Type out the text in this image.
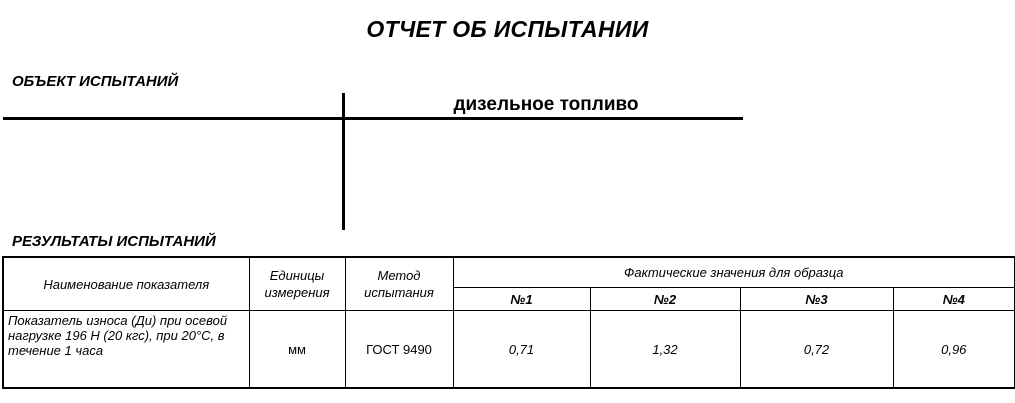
ОТЧЕТ ОБ ИСПЫТАНИИ
ОБЪЕКТ ИСПЫТАНИЙ
дизельное топливо
РЕЗУЛЬТАТЫ ИСПЫТАНИЙ
Наименование показателя	Единицы измерения	Метод испытания	Фактические значения для образца			
			№1	№2	№3	№4
Показатель износа (Ди) при осевой нагрузке 196 Н (20 кгс), при 20°С, в течение 1 часа	мм	ГОСТ 9490	0,71	1,32	0,72	0,96
